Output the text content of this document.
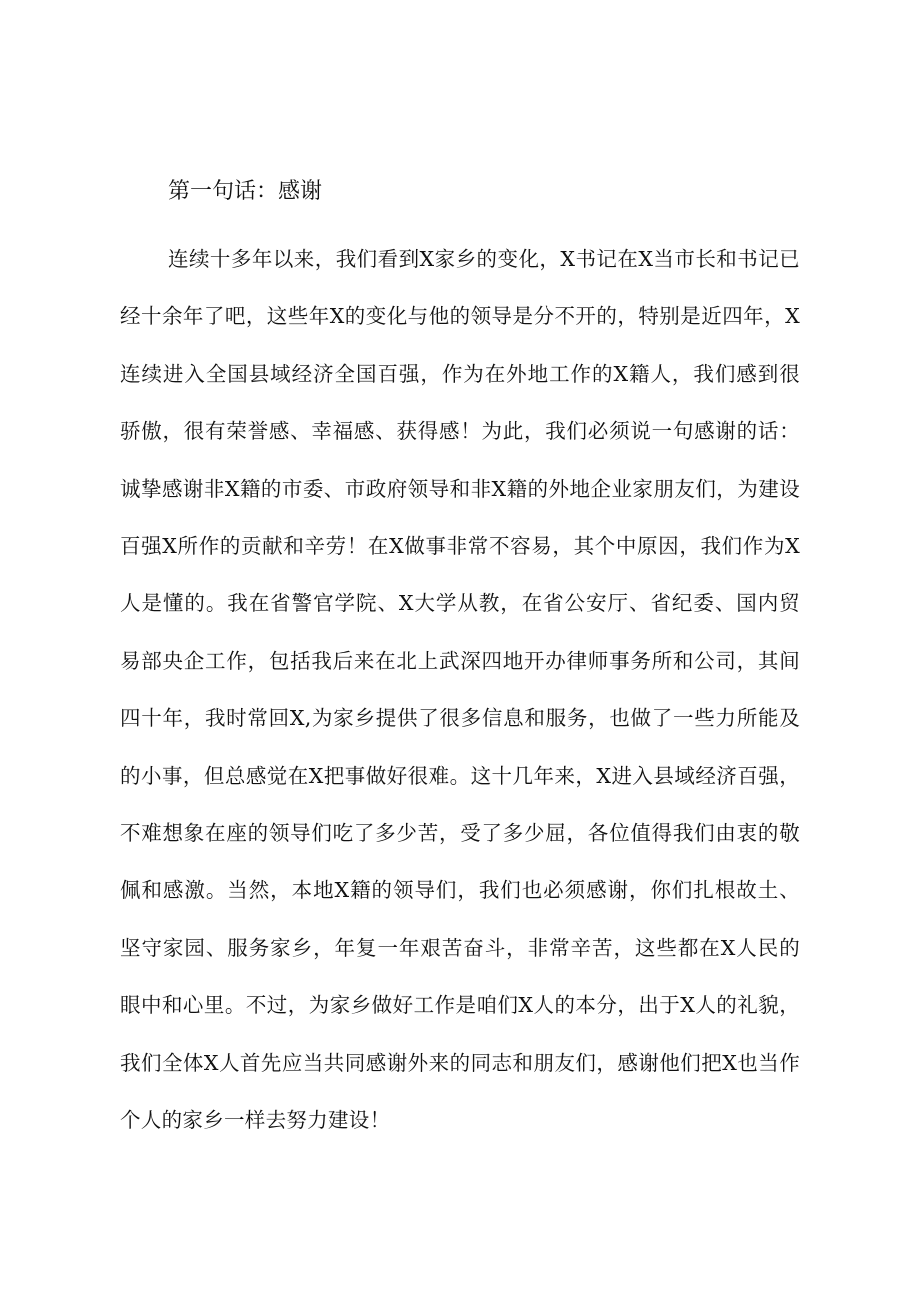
第一句话：感谢

连续十多年以来，我们看到X家乡的变化，X书记在X当市长和书记已经十余年了吧，这些年X的变化与他的领导是分不开的，特别是近四年，X连续进入全国县域经济全国百强，作为在外地工作的X籍人，我们感到很骄傲，很有荣誉感、幸福感、获得感！为此，我们必须说一句感谢的话：诚挚感谢非X籍的市委、市政府领导和非X籍的外地企业家朋友们，为建设百强X所作的贡献和辛劳！在X做事非常不容易，其个中原因，我们作为X人是懂的。我在省警官学院、X大学从教，在省公安厅、省纪委、国内贸易部央企工作，包括我后来在北上武深四地开办律师事务所和公司，其间四十年，我时常回X,为家乡提供了很多信息和服务，也做了一些力所能及的小事，但总感觉在X把事做好很难。这十几年来，X进入县域经济百强，不难想象在座的领导们吃了多少苦，受了多少屈，各位值得我们由衷的敬佩和感激。当然，本地X籍的领导们，我们也必须感谢，你们扎根故土、坚守家园、服务家乡，年复一年艰苦奋斗，非常辛苦，这些都在X人民的眼中和心里。不过，为家乡做好工作是咱们X人的本分，出于X人的礼貌，我们全体X人首先应当共同感谢外来的同志和朋友们，感谢他们把X也当作个人的家乡一样去努力建设！
